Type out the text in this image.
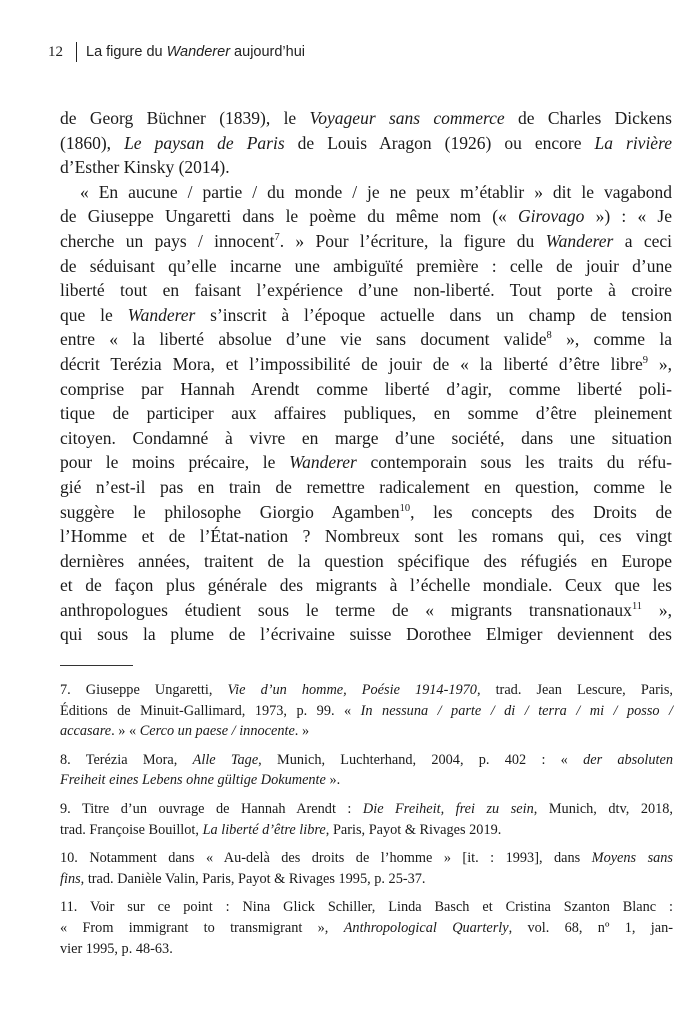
12 La figure du Wanderer aujourd’hui
de Georg Büchner (1839), le Voyageur sans commerce de Charles Dickens
(1860), Le paysan de Paris de Louis Aragon (1926) ou encore La rivière
d’Esther Kinsky (2014).
« En aucune / partie / du monde / je ne peux m’établir » dit le vagabond
de Giuseppe Ungaretti dans le poème du même nom (« Girovago ») : « Je
cherche un pays / innocent$^7$. » Pour l’écriture, la figure du Wanderer a ceci
de séduisant qu’elle incarne une ambiguïté première : celle de jouir d’une
liberté tout en faisant l’expérience d’une non-liberté. Tout porte à croire
que le Wanderer s’inscrit à l’époque actuelle dans un champ de tension
entre « la liberté absolue d’une vie sans document valide$^8$ », comme la
décrit Terézia Mora, et l’impossibilité de jouir de « la liberté d’être libre$^9$ »,
comprise par Hannah Arendt comme liberté d’agir, comme liberté poli-
tique de participer aux affaires publiques, en somme d’être pleinement
citoyen. Condamné à vivre en marge d’une société, dans une situation
pour le moins précaire, le Wanderer contemporain sous les traits du réfu-
gié n’est-il pas en train de remettre radicalement en question, comme le
suggère le philosophe Giorgio Agamben$^{10}$, les concepts des Droits de
l’Homme et de l’État-nation ? Nombreux sont les romans qui, ces vingt
dernières années, traitent de la question spécifique des réfugiés en Europe
et de façon plus générale des migrants à l’échelle mondiale. Ceux que les
anthropologues étudient sous le terme de « migrants transnationaux$^{11}$ »,
qui sous la plume de l’écrivaine suisse Dorothee Elmiger deviennent des
7. Giuseppe Ungaretti, Vie d’un homme, Poésie 1914-1970, trad. Jean Lescure, Paris,
Éditions de Minuit-Gallimard, 1973, p. 99. « In nessuna / parte / di / terra / mi / posso /
accasare. » « Cerco un paese / innocente. »
8. Terézia Mora, Alle Tage, Munich, Luchterhand, 2004, p. 402 : « der absoluten
Freiheit eines Lebens ohne gültige Dokumente ».
9. Titre d’un ouvrage de Hannah Arendt : Die Freiheit, frei zu sein, Munich, dtv, 2018,
trad. Françoise Bouillot, La liberté d’être libre, Paris, Payot & Rivages 2019.
10. Notamment dans « Au-delà des droits de l’homme » [it. : 1993], dans Moyens sans
fins, trad. Danièle Valin, Paris, Payot & Rivages 1995, p. 25-37.
11. Voir sur ce point : Nina Glick Schiller, Linda Basch et Cristina Szanton Blanc :
« From immigrant to transmigrant », Anthropological Quarterly, vol. 68, nº 1, jan-
vier 1995, p. 48-63.
